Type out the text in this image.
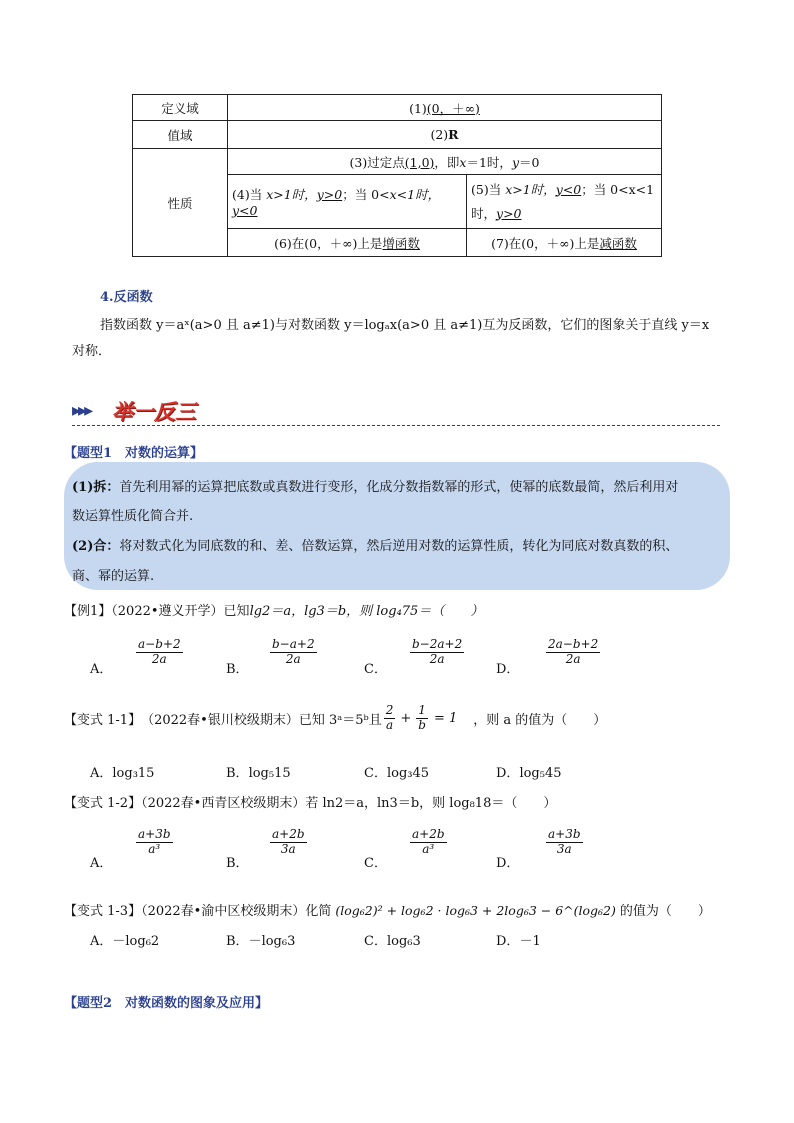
定义域	(1)(0，＋∞)	
值域	(2)R	
性质	(3)过定点(1,0)，即x＝1时，y＝0	
	(4)当 x>1时，y>0；当 0<x<1时，y<0	(5)当 x>1时，y<0；当 0<x<1
时，y>0
	(6)在(0，＋∞)上是增函数	(7)在(0，＋∞)上是减函数
4.反函数
指数函数 y＝aˣ(a>0 且 a≠1)与对数函数 y＝logₐx(a>0 且 a≠1)互为反函数，它们的图象关于直线 y＝x
对称．
▸▸▸ 举一反三
【题型1　对数的运算】
(1)拆：首先利用幂的运算把底数或真数进行变形，化成分数指数幂的形式，使幂的底数最简，然后利用对
数运算性质化简合并.
(2)合：将对数式化为同底数的和、差、倍数运算，然后逆用对数的运算性质，转化为同底对数真数的积、
商、幂的运算.
【例1】（2022•遵义开学）已知lg2＝a，lg3＝b，则 log₄75＝（　　）
A．
$\frac{a-b+2}{2a}$
B．
$\frac{b-a+2}{2a}$
C．
$\frac{b-2a+2}{2a}$
D．
$\frac{2a-b+2}{2a}$
【变式 1-1】 （2022春•银川校级期末） 已知 3ᵃ＝5ᵇ且 $\frac{2}{a} + \frac{1}{b} = 1$ ，则 a 的值为（　　）
A．log₃15	B．log₅15	C．log₃45	D．log₅45
【变式 1-2】（2022春•西青区校级期末）若 ln2＝a，ln3＝b，则 log₈18＝（　　）
A．
$\frac{a+3b}{\text{a³}}$
B．
$\frac{a+2b}{3a}$
C．
$\frac{a+2b}{\text{a³}}$
D．
$\frac{a+3b}{3a}$
【变式 1-3】（2022春•渝中区校级期末）化简 (log₆2)² + log₆2 · log₆3 + 2log₆3 − 6^(log₆2) 的值为（　　）
A．－log₆2	B．－log₆3	C．log₆3	D．－1
【题型2　对数函数的图象及应用】
